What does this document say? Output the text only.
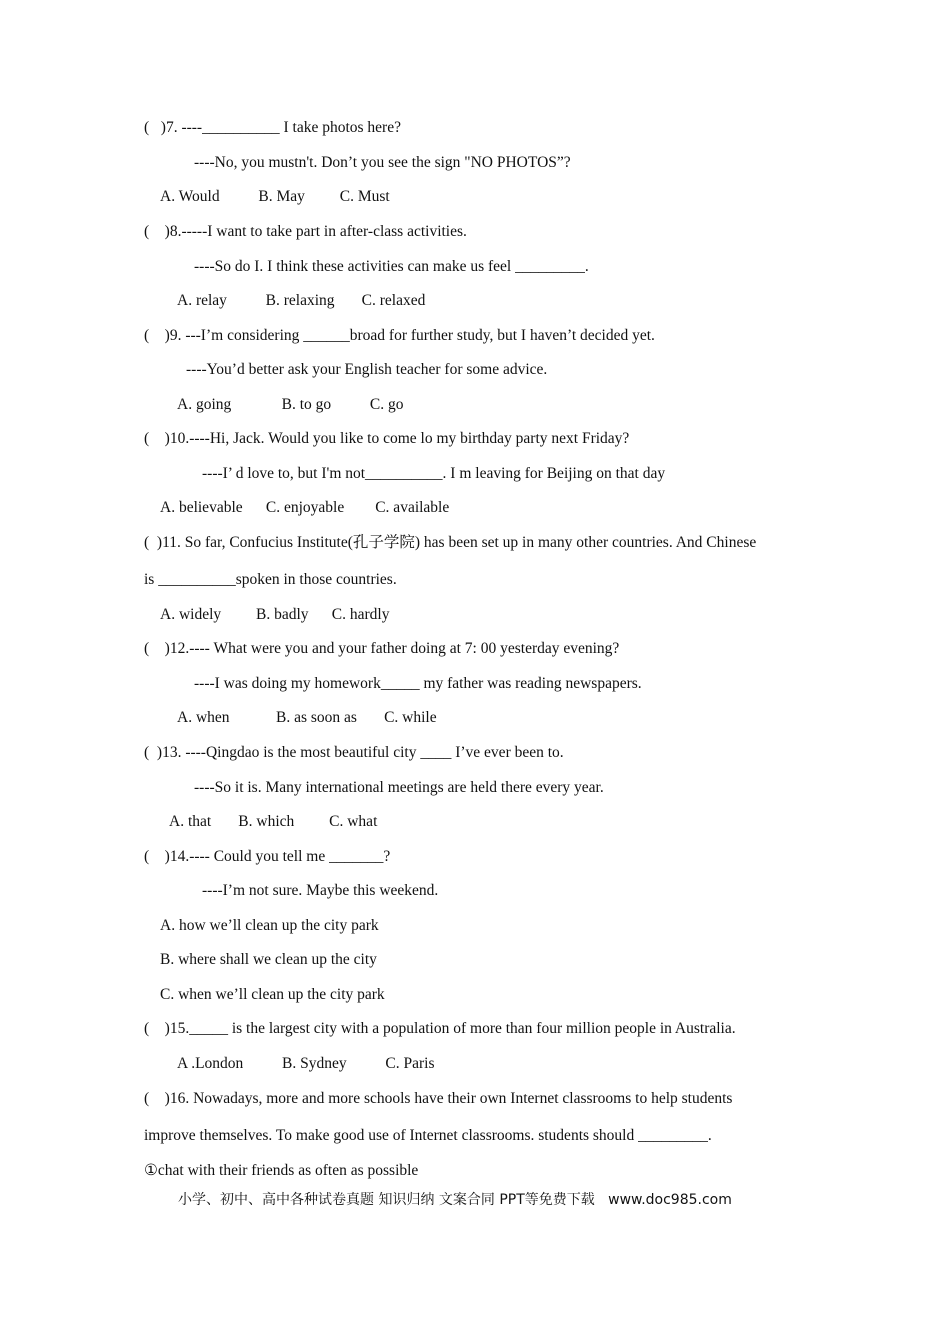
(   )7. ----__________ I take photos here?
----No, you mustn't. Don’t you see the sign "NO PHOTOS”?
A. Would          B. May         C. Must
(    )8.-----I want to take part in after-class activities.
----So do I. I think these activities can make us feel _________.
A. relay          B. relaxing       C. relaxed
(    )9. ---I’m considering ______broad for further study, but I haven’t decided yet.
----You’d better ask your English teacher for some advice.
A. going             B. to go          C. go
(    )10.----Hi, Jack. Would you like to come lo my birthday party next Friday?
----I’ d love to, but I'm not__________. I m leaving for Beijing on that day
A. believable      C. enjoyable        C. available
(  )11. So far, Confucius Institute(孔子学院) has been set up in many other countries. And Chinese
is __________spoken in those countries.
A. widely         B. badly      C. hardly
(    )12.---- What were you and your father doing at 7: 00 yesterday evening?
----I was doing my homework_____ my father was reading newspapers.
A. when            B. as soon as       C. while
(  )13. ----Qingdao is the most beautiful city ____ I’ve ever been to.
----So it is. Many international meetings are held there every year.
A. that       B. which         C. what
(    )14.---- Could you tell me _______?
----I’m not sure. Maybe this weekend.
A. how we’ll clean up the city park
B. where shall we clean up the city
C. when we’ll clean up the city park
(    )15._____ is the largest city with a population of more than four million people in Australia.
A .London          B. Sydney          C. Paris
(    )16. Nowadays, more and more schools have their own Internet classrooms to help students
improve themselves. To make good use of Internet classrooms. students should _________.
①chat with their friends as often as possible
小学、初中、高中各种试卷真题 知识归纳 文案合同 PPT等免费下载   www.doc985.com
